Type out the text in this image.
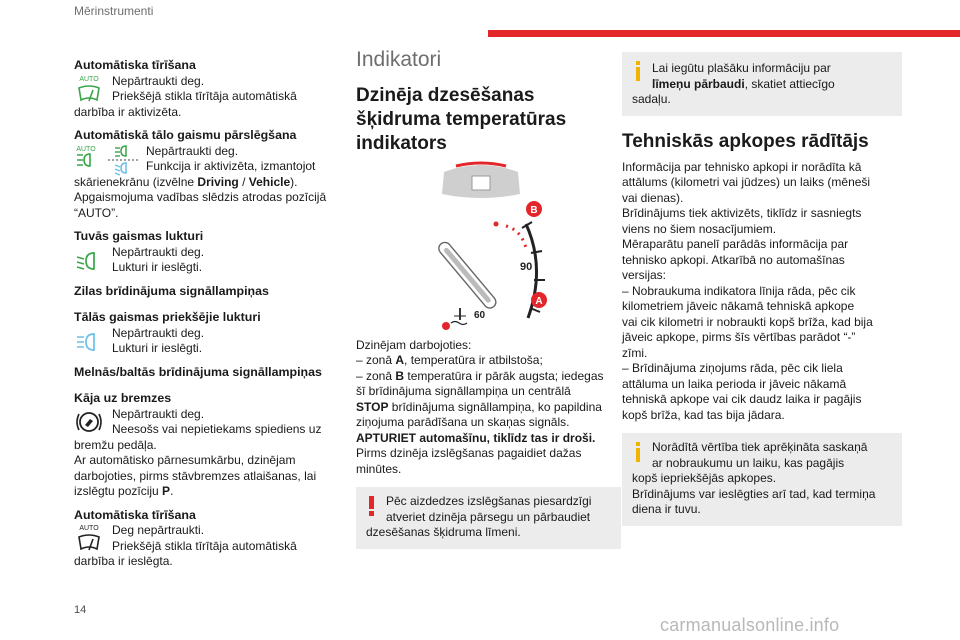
Mērinstrumenti

Automātiska tīrīšana

AUTO Nepārtraukti deg.

Priekšējā stikla tīrītāja automātiskā

darbība ir aktivizēta.

Automātiskā tālo gaismu pārslēgšana

AUTO	Nepārtraukti deg.

Funkcija ir aktivizēta, izmantojot

skārienekrānu (izvēlne Driving / Vehicle).

Apgaismojuma vadības slēdzis atrodas pozīcijā

“AUTO”.

Tuvās gaismas lukturi

Nepārtraukti deg.

Lukturi ir ieslēgti.

Zilas brīdinājuma signāllampiņas

Tālās gaismas priekšējie lukturi

Nepārtraukti deg.

Lukturi ir ieslēgti.

Melnās/baltās brīdinājuma signāllampiņas

Kāja uz bremzes

Nepārtraukti deg.

Neesošs vai nepietiekams spiediens uz

bremžu pedāļa.

Ar automātisko pārnesumkārbu, dzinējam

darbojoties, pirms stāvbremzes atlaišanas, lai

izslēgtu pozīciju P.

Automātiska tīrīšana

AUTO Deg nepārtraukti.

Priekšējā stikla tīrītāja automātiskā

darbība ir ieslēgta.

Indikatori

Dzinēja dzesēšanas

šķidruma temperatūras

indikators

90
60
B
A

Dzinējam darbojoties:

– zonā A, temperatūra ir atbilstoša;

– zonā B temperatūra ir pārāk augsta; iedegas

šī brīdinājuma signāllampiņa un centrālā

STOP brīdinājuma signāllampiņa, ko papildina

ziņojuma parādīšana un skaņas signāls.

APTURIET automašīnu, tiklīdz tas ir droši.

Pirms dzinēja izslēgšanas pagaidiet dažas

minūtes.

Pēc aizdedzes izslēgšanas piesardzīgi

atveriet dzinēja pārsegu un pārbaudiet

dzesēšanas šķidruma līmeni.

Lai iegūtu plašāku informāciju par

līmeņu pārbaudi, skatiet attiecīgo

sadaļu.

Tehniskās apkopes rādītājs

Informācija par tehnisko apkopi ir norādīta kā

attālums (kilometri vai jūdzes) un laiks (mēneši

vai dienas).

Brīdinājums tiek aktivizēts, tiklīdz ir sasniegts

viens no šiem nosacījumiem.

Mēraparātu panelī parādās informācija par

tehnisko apkopi. Atkarībā no automašīnas

versijas:

– Nobraukuma indikatora līnija rāda, pēc cik

kilometriem jāveic nākamā tehniskā apkope

vai cik kilometri ir nobraukti kopš brīža, kad bija

jāveic apkope, pirms šīs vērtības parādot “-”

zīmi.

– Brīdinājuma ziņojums rāda, pēc cik liela

attāluma un laika perioda ir jāveic nākamā

tehniskā apkope vai cik daudz laika ir pagājis

kopš brīža, kad tas bija jādara.

Norādītā vērtība tiek aprēķināta saskaņā

ar nobraukumu un laiku, kas pagājis

kopš iepriekšējās apkopes.

Brīdinājums var ieslēgties arī tad, kad termiņa

diena ir tuvu.

14
carmanualsonline.info
